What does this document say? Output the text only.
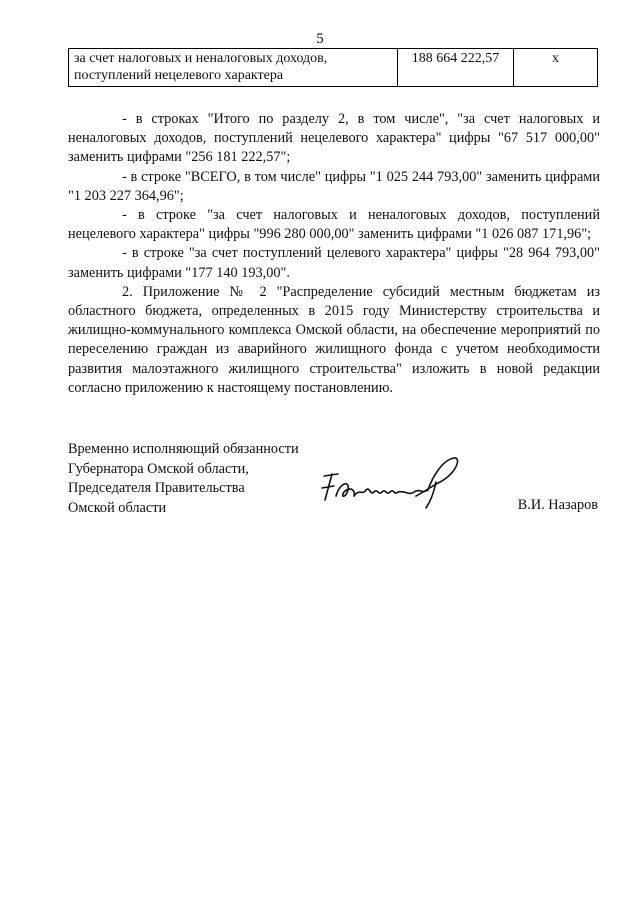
5
за счет налоговых и неналоговых доходов, поступлений нецелевого характера	188 664 222,57	x

- в строках "Итого по разделу 2, в том числе", "за счет налоговых и неналоговых доходов, поступлений нецелевого характера" цифры "67 517 000,00" заменить цифрами "256 181 222,57";

- в строке "ВСЕГО, в том числе" цифры "1 025 244 793,00" заменить цифрами "1 203 227 364,96";

- в строке "за счет налоговых и неналоговых доходов, поступлений нецелевого характера" цифры "996 280 000,00" заменить цифрами "1 026 087 171,96";

- в строке "за счет поступлений целевого характера" цифры "28 964 793,00" заменить цифрами "177 140 193,00".

2. Приложение № 2 "Распределение субсидий местным бюджетам из областного бюджета, определенных в 2015 году Министерству строительства и жилищно-коммунального комплекса Омской области, на обеспечение мероприятий по переселению граждан из аварийного жилищного фонда с учетом необходимости развития малоэтажного жилищного строительства" изложить в новой редакции согласно приложению к настоящему постановлению.

Временно исполняющий обязанности
Губернатора Омской области,
Председателя Правительства
Омской области	В.И. Назаров
